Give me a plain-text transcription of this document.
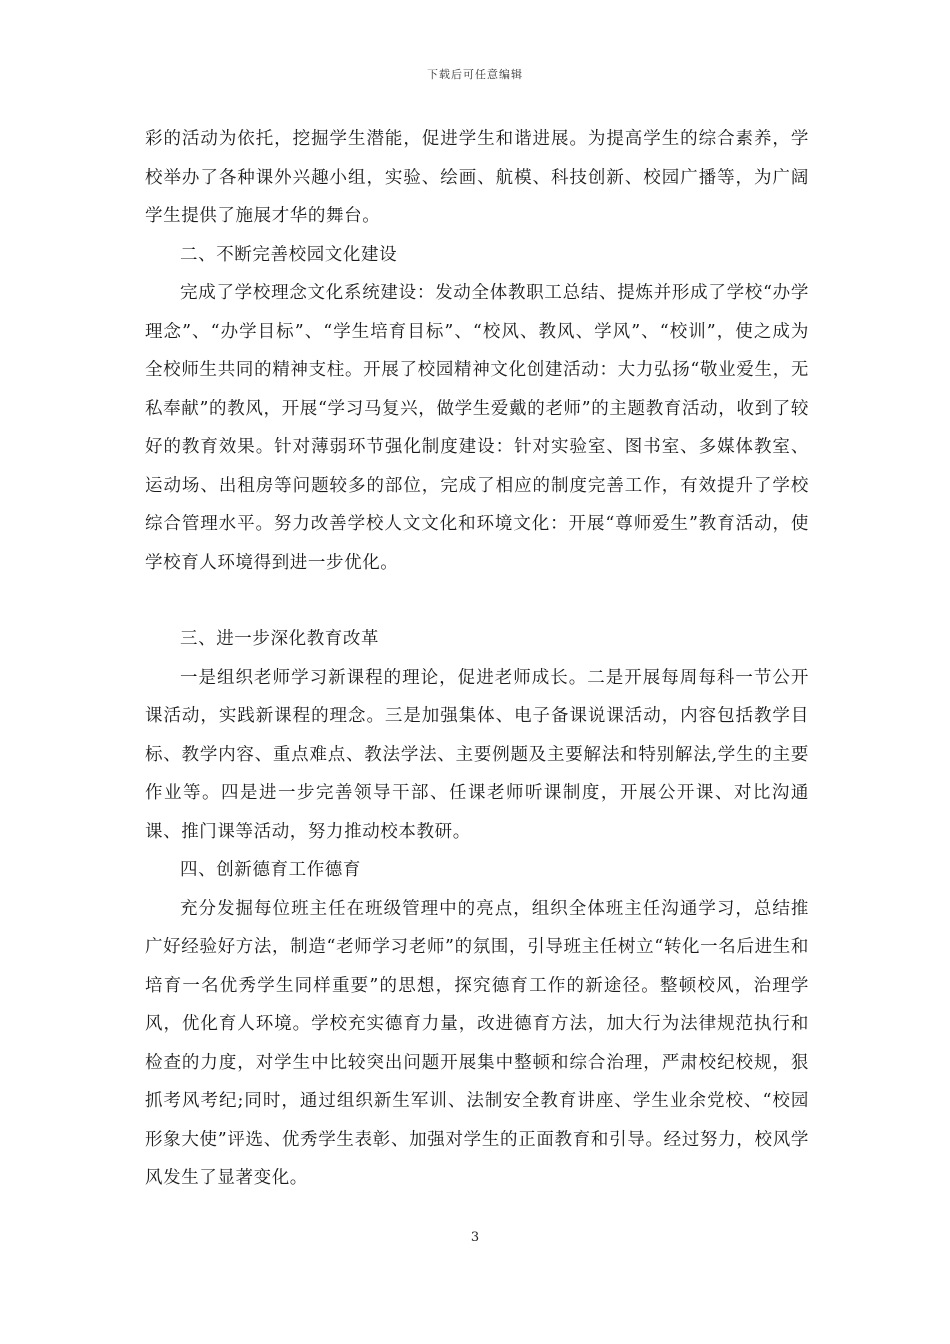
下载后可任意编辑

彩的活动为依托，挖掘学生潜能，促进学生和谐进展。为提高学生的综合素养，学校举办了各种课外兴趣小组，实验、绘画、航模、科技创新、校园广播等，为广阔学生提供了施展才华的舞台。

二、不断完善校园文化建设

完成了学校理念文化系统建设：发动全体教职工总结、提炼并形成了学校“办学理念”、“办学目标”、“学生培育目标”、“校风、教风、学风”、“校训”，使之成为全校师生共同的精神支柱。开展了校园精神文化创建活动：大力弘扬“敬业爱生，无私奉献”的教风，开展“学习马复兴，做学生爱戴的老师”的主题教育活动，收到了较好的教育效果。针对薄弱环节强化制度建设：针对实验室、图书室、多媒体教室、运动场、出租房等问题较多的部位，完成了相应的制度完善工作，有效提升了学校综合管理水平。努力改善学校人文文化和环境文化：开展“尊师爱生”教育活动，使学校育人环境得到进一步优化。

三、进一步深化教育改革

一是组织老师学习新课程的理论，促进老师成长。二是开展每周每科一节公开课活动，实践新课程的理念。三是加强集体、电子备课说课活动，内容包括教学目标、教学内容、重点难点、教法学法、主要例题及主要解法和特别解法,学生的主要作业等。四是进一步完善领导干部、任课老师听课制度，开展公开课、对比沟通课、推门课等活动，努力推动校本教研。

四、创新德育工作德育

充分发掘每位班主任在班级管理中的亮点，组织全体班主任沟通学习，总结推广好经验好方法，制造“老师学习老师”的氛围，引导班主任树立“转化一名后进生和培育一名优秀学生同样重要”的思想，探究德育工作的新途径。整顿校风，治理学风，优化育人环境。学校充实德育力量，改进德育方法，加大行为法律规范执行和检查的力度，对学生中比较突出问题开展集中整顿和综合治理，严肃校纪校规，狠抓考风考纪;同时，通过组织新生军训、法制安全教育讲座、学生业余党校、“校园形象大使”评选、优秀学生表彰、加强对学生的正面教育和引导。经过努力，校风学风发生了显著变化。

3
